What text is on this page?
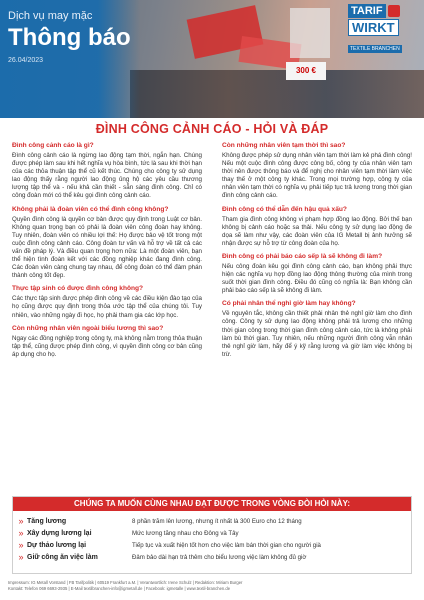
300 €
Dịch vụ may mặc
Thông báo
26.04/2023
TARIF
WIRKT
TEXTILE BRANCHEN
ĐÌNH CÔNG CẢNH CÁO - HỎI VÀ ĐÁP
Đình công cảnh cáo là gì?
Đình công cảnh cáo là ngừng lao động tạm thời, ngắn hạn. Chúng được phép làm sau khi hết nghĩa vụ hòa bình, tức là sau khi thời hạn của các thỏa thuận tập thể cũ kết thúc. Chúng cho công ty sử dụng lao động thấy rằng người lao động ủng hộ các yêu cầu thương lượng tập thể và - nếu khả cần thiết - sẵn sàng đình công. Chỉ có công đoàn mới có thể kêu gọi đình công cảnh cáo.
Không phải là đoàn viên có thể đình công không?
Quyền đình công là quyền cơ bản được quy định trong Luật cơ bản. Không quan trọng bạn có phải là đoàn viên công đoàn hay không. Tuy nhiên, đoàn viên có nhiều lợi thế: Họ được bảo vệ tốt trong một cuộc đình công cảnh cáo. Công đoàn tư vấn và hỗ trợ về tất cả các vấn đề pháp lý. Và điều quan trọng hơn nữa: Là một đoàn viên, bạn thể hiện tình đoàn kết với các đồng nghiệp khác đang đình công. Các đoàn viên càng chung tay nhau, để công đoàn có thể đàm phán thành công tốt đẹp.
Thực tập sinh có được đình công không?
Các thực tập sinh được phép đình công về các điều kiện đào tạo của họ cũng được quy định trong thỏa ước tập thể của chúng tôi. Tuy nhiên, vào những ngày đi học, họ phải tham gia các lớp học.
Còn những nhân viên ngoài biểu lương thì sao?
Ngay các đồng nghiệp trong công ty, mà không nằm trong thỏa thuận tập thể, cũng được phép đình công, vì quyền đình công cơ bản cũng áp dụng cho họ.
Còn những nhân viên tạm thời thì sao?
Không được phép sử dụng nhân viên tạm thời làm kẻ phá đình công! Nếu một cuộc đình công được công bố, công ty của nhân viên tạm thời nên được thông báo và để nghị cho nhân viên tạm thời làm việc thay thế ở một công ty khác. Trong mọi trường hợp, công ty của nhân viên tạm thời có nghĩa vụ phải tiếp tục trả lương trong thời gian đình công cảnh cáo.
Đình công có thể dẫn đến hậu quả xấu?
Tham gia đình công không vi phạm hợp đồng lao động. Bởi thế bạn không bị cảnh cáo hoặc sa thải. Nếu công ty sử dụng lao động đe dọa sẽ làm như vậy, các đoàn viên của IG Metall bị ảnh hưởng sẽ nhận được sự hỗ trợ từ công đoàn của họ.
Đình công có phải báo cáo sếp là sẽ không đi làm?
Nếu công đoàn kêu gọi đình công cảnh cáo, bạn không phải thực hiện các nghĩa vụ hợp đồng lao động thông thường của mình trong suốt thời gian đình công. Điều đó cũng có nghĩa là: Bạn không cần phải báo cáo sếp là sẽ không đi làm.
Có phải nhân thể nghỉ giờ làm hay không?
Về nguyên tắc, không cần thiết phải nhân thẻ nghỉ giờ làm cho đình công. Công ty sử dụng lao động không phải trả lương cho những thời gian công trong thời gian đình công cảnh cáo, tức là không phải làm bù thời gian. Tuy nhiên, nếu những người đình công vẫn nhân thẻ nghỉ giờ làm, hãy để ý kỹ rằng lương và giờ làm việc không bị trừ.
CHÚNG TA MUỐN CÙNG NHAU ĐẠT ĐƯỢC TRONG VÒNG ĐÒI HỎI NÀY:
» Tăng lương	8 phần trăm lên lương, nhưng ít nhất là 300 Euro cho 12 tháng
» Xây dựng lương lại	Mức lương tăng nhau cho Đông và Tây
» Dự thảo lương lại	Tiếp tục và xuất hiện tốt hơn cho việc làm bán thời gian cho người già
» Giữ công ăn việc làm	Đảm bảo dài hạn trả thêm cho biểu lương việc làm không đủ giờ
Impressum: IG Metall Vorstand | FB Tarifpolitik | 60519 Frankfurt a.M. | Verantwortlich: Irene Schulz | Redaktion: Miriam Burger
Kontakt: Telefon 069 6693-2935 | E-Mail textilbranchen-info@igmetall.de | Facebook: igmetalle | www.textil-branchen.de
